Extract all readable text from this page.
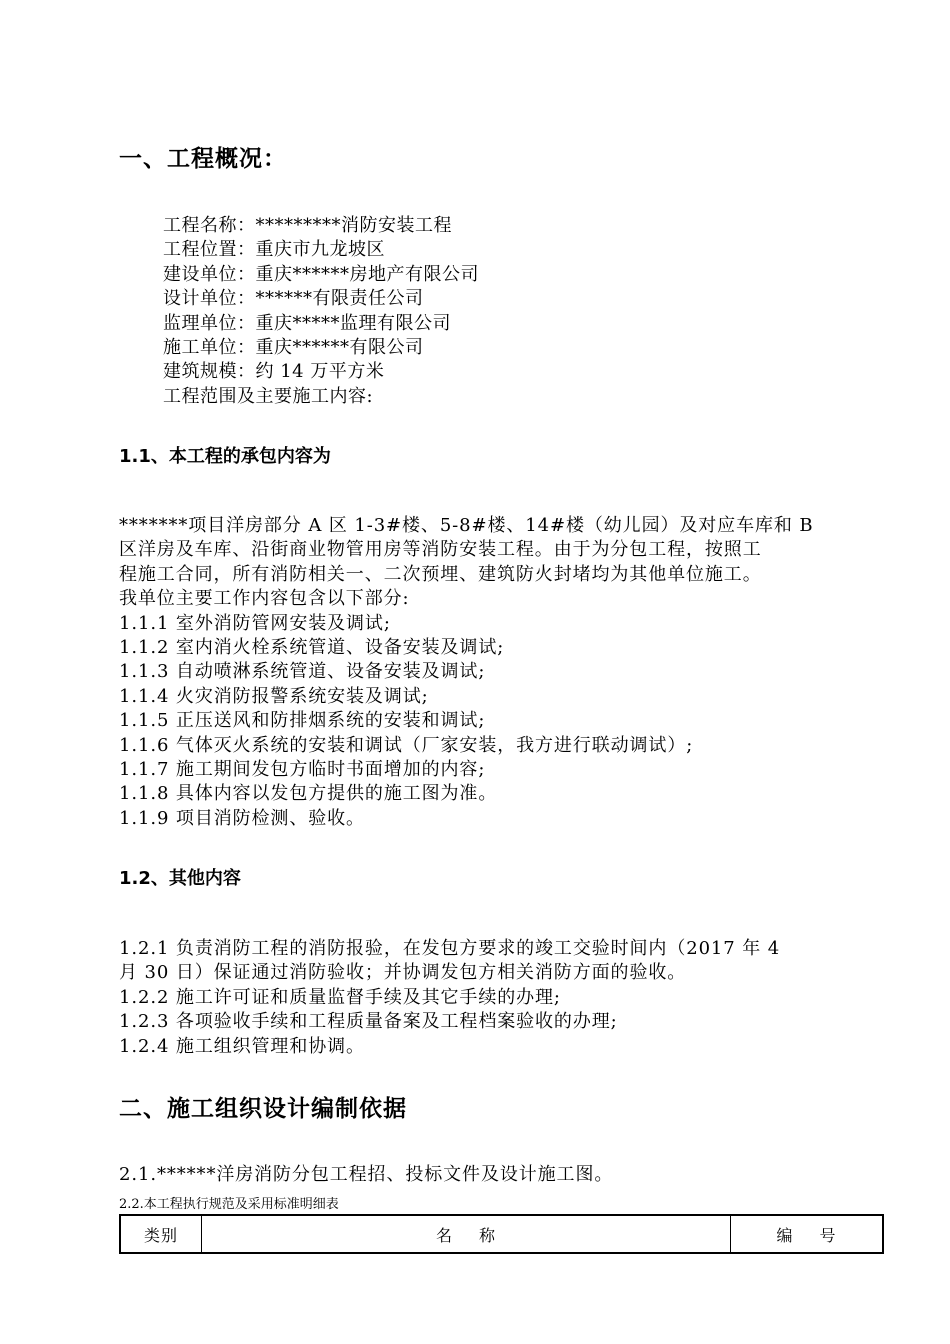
一、工程概况：
工程名称：*********消防安装工程
工程位置：重庆市九龙坡区
建设单位：重庆******房地产有限公司
设计单位：******有限责任公司
监理单位：重庆*****监理有限公司
施工单位：重庆******有限公司
建筑规模：约 14 万平方米
工程范围及主要施工内容:
1.1、本工程的承包内容为
*******项目洋房部分 A 区 1-3#楼、5-8#楼、14#楼（幼儿园）及对应车库和 B
区洋房及车库、沿街商业物管用房等消防安装工程。由于为分包工程，按照工
程施工合同，所有消防相关一、二次预埋、建筑防火封堵均为其他单位施工。
我单位主要工作内容包含以下部分:
1.1.1 室外消防管网安装及调试;
1.1.2 室内消火栓系统管道、设备安装及调试;
1.1.3 自动喷淋系统管道、设备安装及调试;
1.1.4 火灾消防报警系统安装及调试;
1.1.5 正压送风和防排烟系统的安装和调试;
1.1.6 气体灭火系统的安装和调试（厂家安装，我方进行联动调试）;
1.1.7 施工期间发包方临时书面增加的内容;
1.1.8 具体内容以发包方提供的施工图为准。
1.1.9 项目消防检测、验收。
1.2、其他内容
1.2.1 负责消防工程的消防报验，在发包方要求的竣工交验时间内（2017 年 4
月 30 日）保证通过消防验收；并协调发包方相关消防方面的验收。
1.2.2 施工许可证和质量监督手续及其它手续的办理;
1.2.3 各项验收手续和工程质量备案及工程档案验收的办理;
1.2.4 施工组织管理和协调。
二、施工组织设计编制依据
2.1.******洋房消防分包工程招、投标文件及设计施工图。
2.2.本工程执行规范及采用标准明细表
类别	名 称	编 号
